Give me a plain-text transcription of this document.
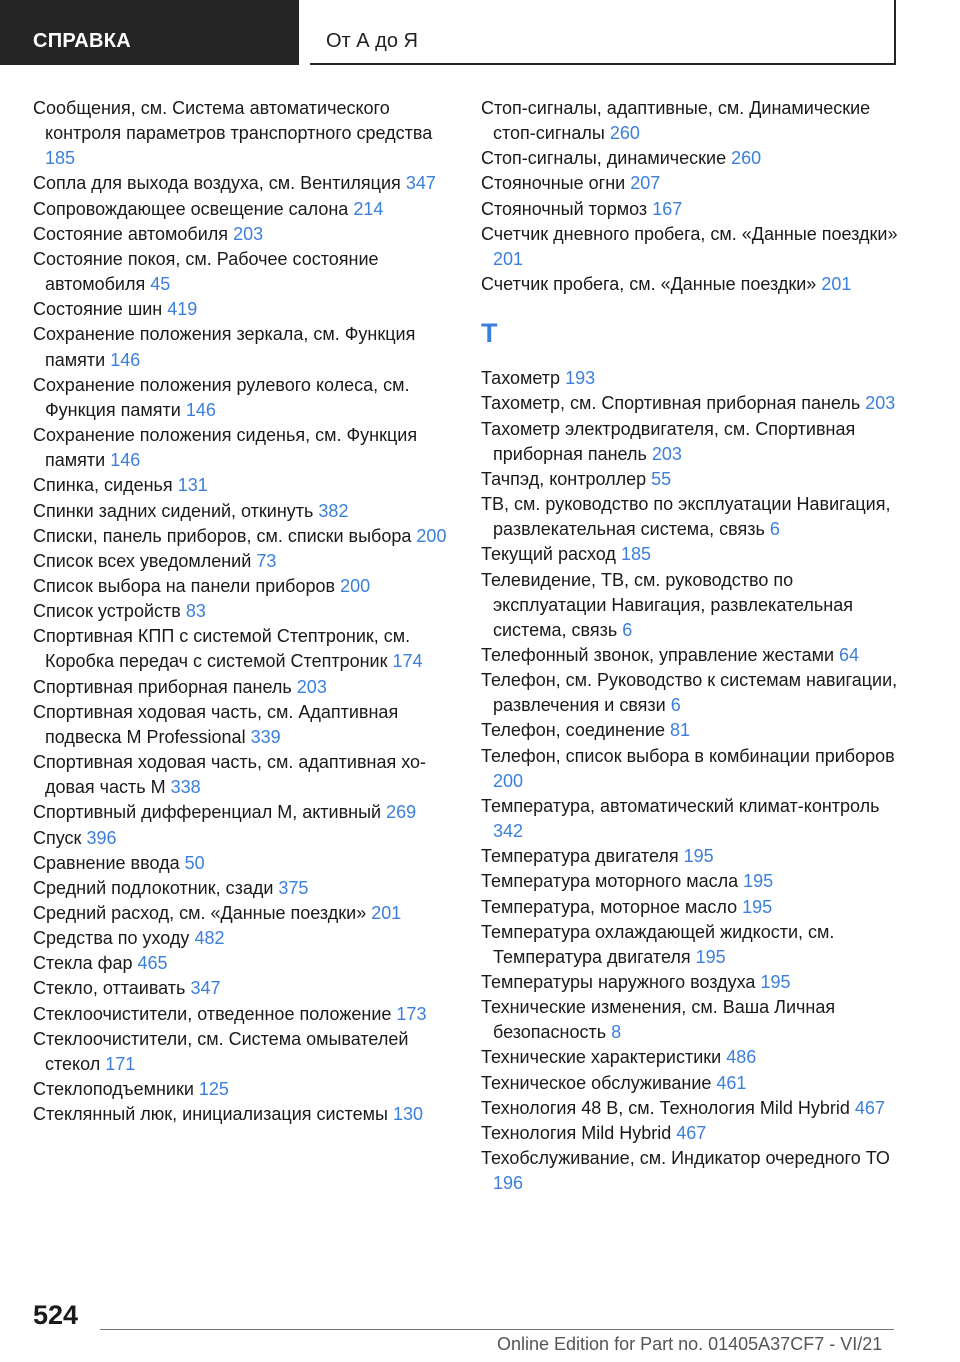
СПРАВКА	От А до Я
Сообщения, см. Система автоматического контроля параметров транспортного средства 185
Сопла для выхода воздуха, см. Вентиляция 347
Сопровождающее освещение салона 214
Состояние автомобиля 203
Состояние покоя, см. Рабочее состояние автомобиля 45
Состояние шин 419
Сохранение положения зеркала, см. Функция памяти 146
Сохранение положения рулевого колеса, см. Функция памяти 146
Сохранение положения сиденья, см. Функция памяти 146
Спинка, сиденья 131
Спинки задних сидений, откинуть 382
Списки, панель приборов, см. списки выбора 200
Список всех уведомлений 73
Список выбора на панели приборов 200
Список устройств 83
Спортивная КПП с системой Стептроник, см. Коробка передач с системой Стептроник 174
Спортивная приборная панель 203
Спортивная ходовая часть, см. Адаптивная подвеска M Professional 339
Спортивная ходовая часть, см. адаптивная ходовая часть M 338
Спортивный дифференциал M, активный 269
Спуск 396
Сравнение ввода 50
Средний подлокотник, сзади 375
Средний расход, см. «Данные поездки» 201
Средства по уходу 482
Стекла фар 465
Стекло, оттаивать 347
Стеклоочистители, отведенное положение 173
Стеклоочистители, см. Система омывателей стекол 171
Стеклоподъемники 125
Стеклянный люк, инициализация системы 130
Стоп-сигналы, адаптивные, см. Динамические стоп-сигналы 260
Стоп-сигналы, динамические 260
Стояночные огни 207
Стояночный тормоз 167
Счетчик дневного пробега, см. «Данные поездки» 201
Счетчик пробега, см. «Данные поездки» 201
T
Тахометр 193
Тахометр, см. Спортивная приборная панель 203
Тахометр электродвигателя, см. Спортивная приборная панель 203
Тачпэд, контроллер 55
ТВ, см. руководство по эксплуатации Навигация, развлекательная система, связь 6
Текущий расход 185
Телевидение, ТВ, см. руководство по эксплуатации Навигация, развлекательная система, связь 6
Телефонный звонок, управление жестами 64
Телефон, см. Руководство к системам навигации, развлечения и связи 6
Телефон, соединение 81
Телефон, список выбора в комбинации приборов 200
Температура, автоматический климат-контроль 342
Температура двигателя 195
Температура моторного масла 195
Температура, моторное масло 195
Температура охлаждающей жидкости, см. Температура двигателя 195
Температуры наружного воздуха 195
Технические изменения, см. Ваша Личная безопасность 8
Технические характеристики 486
Техническое обслуживание 461
Технология 48 В, см. Технология Mild Hybrid 467
Технология Mild Hybrid 467
Техобслуживание, см. Индикатор очередного ТО 196
524
Online Edition for Part no. 01405A37CF7 - VI/21
